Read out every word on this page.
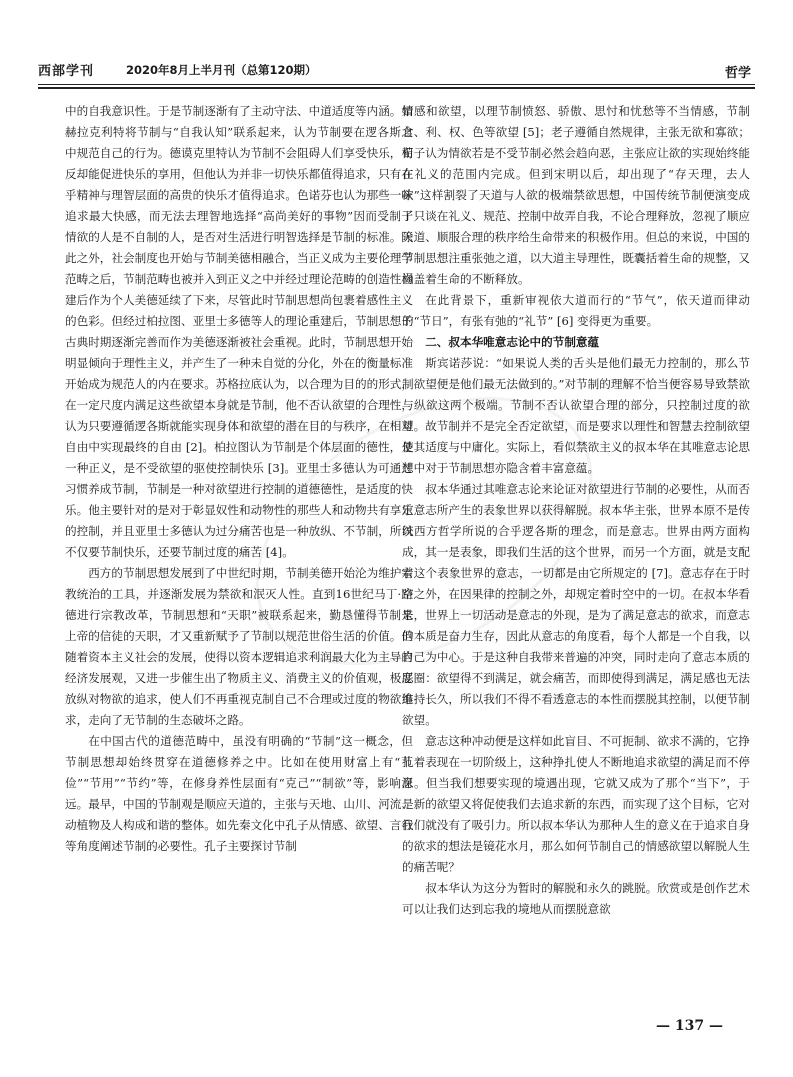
西部学刊	2020年8月上半月刊（总第120期）	哲学

中的自我意识性。于是节制逐渐有了主动守法、中道适度等内涵。如赫拉克利特将节制与“自我认知”联系起来，认为节制要在逻各斯之中规范自己的行为。德谟克里特认为节制不会阻碍人们享受快乐，相反却能促进快乐的享用，但他认为并非一切快乐都值得追求，只有在乎精神与理智层面的高贵的快乐才值得追求。色诺芬也认为那些一味追求最大快感，而无法去理智地选择“高尚美好的事物”因而受制于情欲的人是不自制的人，是否对生活进行明智选择是节制的标准。除此之外，社会制度也开始与节制美德相融合，当正义成为主要伦理学范畴之后，节制范畴也被并入到正义之中并经过理论范畴的创造性构建后作为个人美德延续了下来，尽管此时节制思想尚包裹着感性主义的色彩。但经过柏拉图、亚里士多德等人的理论重建后，节制思想于古典时期逐渐完善而作为美德逐渐被社会重视。此时，节制思想开始明显倾向于理性主义，并产生了一种未自觉的分化，外在的衡量标准开始成为规范人的内在要求。苏格拉底认为，以合理为目的的形式，在一定尺度内满足这些欲望本身就是节制，他不否认欲望的合理性，认为只要遵循逻各斯就能实现身体和欲望的潜在目的与秩序，在相对自由中实现最终的自由 [2]。柏拉图认为节制是个体层面的德性，是一种正义，是不受欲望的驱使控制快乐 [3]。亚里士多德认为可通过习惯养成节制，节制是一种对欲望进行控制的道德德性，是适度的快乐。他主要针对的是对于彰显奴性和动物性的那些人和动物共有享乐的控制，并且亚里士多德认为过分痛苦也是一种放纵、不节制，所以不仅要节制快乐，还要节制过度的痛苦 [4]。

西方的节制思想发展到了中世纪时期，节制美德开始沦为维护宗教统治的工具，并逐渐发展为禁欲和泯灭人性。直到16世纪马丁·路德进行宗教改革，节制思想和“天职”被联系起来，勤恳懂得节制是上帝的信徒的天职，才又重新赋予了节制以规范世俗生活的价值。但随着资本主义社会的发展，使得以资本逻辑追求利润最大化为主导的经济发展观，又进一步催生出了物质主义、消费主义的价值观，极度放纵对物欲的追求，使人们不再重视克制自己不合理或过度的物欲追求，走向了无节制的生态破坏之路。

在中国古代的道德范畴中，虽没有明确的“节制”这一概念，但节制思想却始终贯穿在道德修养之中。比如在使用财富上有“节俭”“节用”“节约”等，在修身养性层面有“克己”“制欲”等，影响深远。最早，中国的节制观是顺应天道的，主张与天地、山川、河流、动植物及人构成和谐的整体。如先秦文化中孔子从情感、欲望、言行等角度阐述节制的必要性。孔子主要探讨节制

情感和欲望，以理节制愤怒、骄傲、思忖和忧愁等不当情感，节制食、利、权、色等欲望 [5]；老子遵循自然规律，主张无欲和寡欲；荀子认为情欲若是不受节制必然会趋向恶，主张应让欲的实现始终能在礼义的范围内完成。但到宋明以后，却出现了“存天理，去人欲”这样割裂了天道与人欲的极端禁欲思想，中国传统节制便演变成了只谈在礼义、规范、控制中故弄自我，不论合理释放，忽视了顺应天道、顺服合理的秩序给生命带来的积极作用。但总的来说，中国的节制思想注重张弛之道，以大道主导理性，既囊括着生命的规整，又涵盖着生命的不断释放。

在此背景下，重新审视依大道而行的“节气”，依天道而律动的“节日”，有张有弛的“礼节” [6] 变得更为重要。

二、叔本华唯意志论中的节制意蕴

斯宾诺莎说：“如果说人类的舌头是他们最无力控制的，那么节制欲望便是他们最无法做到的。”对节制的理解不恰当便容易导致禁欲与纵欲这两个极端。节制不否认欲望合理的部分，只控制过度的欲望。故节制并不是完全否定欲望，而是要求以理性和智慧去控制欲望使其适度与中庸化。实际上，看似禁欲主义的叔本华在其唯意志论思想中对于节制思想亦隐含着丰富意蕴。

叔本华通过其唯意志论来论证对欲望进行节制的必要性，从而否定意志所产生的表象世界以获得解脱。叔本华主张，世界本原不是传统西方哲学所说的合乎逻各斯的理念，而是意志。世界由两方面构成，其一是表象，即我们生活的这个世界，而另一个方面，就是支配着这个表象世界的意志，一切都是由它所规定的 [7]。意志存在于时空之外，在因果律的控制之外，却规定着时空中的一切。在叔本华看来，世界上一切活动是意志的外现，是为了满足意志的欲求，而意志的本质是奋力生存，因此从意志的角度看，每个人都是一个自我，以自己为中心。于是这种自我带来普遍的冲突，同时走向了意志本质的恶圈：欲望得不到满足，就会痛苦，而即使得到满足，满足感也无法维持长久，所以我们不得不看透意志的本性而摆脱其控制，以便节制欲望。

意志这种冲动便是这样如此盲目、不可扼制、欲求不满的，它挣扎着表现在一切阶级上，这种挣扎使人不断地追求欲望的满足而不停息。但当我们想要实现的境遇出现，它就又成为了那个“当下”，于是新的欲望又将促使我们去追求新的东西，而实现了这个目标，它对我们就没有了吸引力。所以叔本华认为那种人生的意义在于追求自身的欲求的想法是镜花水月，那么如何节制自己的情感欲望以解脱人生的痛苦呢？

叔本华认为这分为暂时的解脱和永久的跳脱。欣赏或是创作艺术可以让我们达到忘我的境地从而摆脱意欲

— 137 —
